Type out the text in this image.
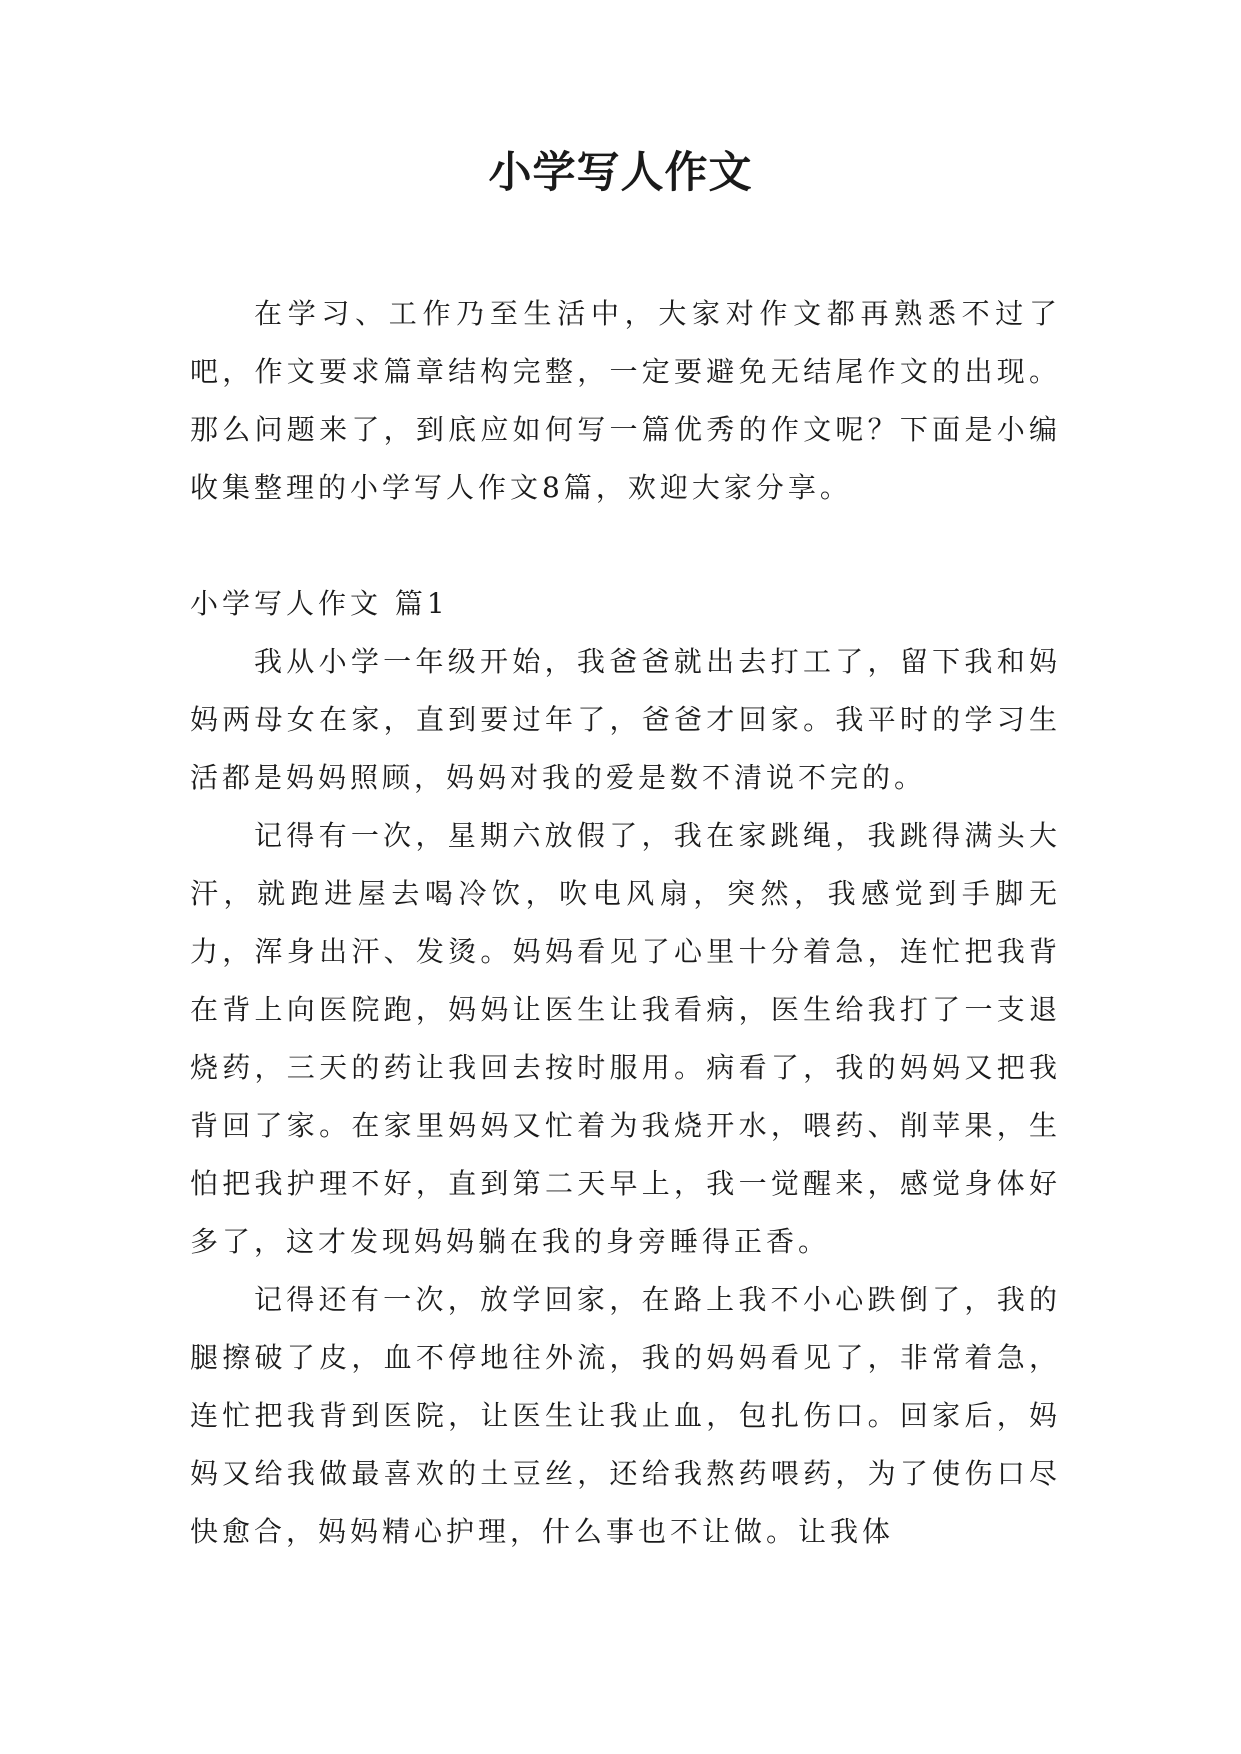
小学写人作文

在学习、工作乃至生活中，大家对作文都再熟悉不过了吧，作文要求篇章结构完整，一定要避免无结尾作文的出现。那么问题来了，到底应如何写一篇优秀的作文呢？下面是小编收集整理的小学写人作文8篇，欢迎大家分享。

小学写人作文 篇1

我从小学一年级开始，我爸爸就出去打工了，留下我和妈妈两母女在家，直到要过年了，爸爸才回家。我平时的学习生活都是妈妈照顾，妈妈对我的爱是数不清说不完的。

记得有一次，星期六放假了，我在家跳绳，我跳得满头大汗，就跑进屋去喝冷饮，吹电风扇，突然，我感觉到手脚无力，浑身出汗、发烫。妈妈看见了心里十分着急，连忙把我背在背上向医院跑，妈妈让医生让我看病，医生给我打了一支退烧药，三天的药让我回去按时服用。病看了，我的妈妈又把我背回了家。在家里妈妈又忙着为我烧开水，喂药、削苹果，生怕把我护理不好，直到第二天早上，我一觉醒来，感觉身体好多了，这才发现妈妈躺在我的身旁睡得正香。

记得还有一次，放学回家，在路上我不小心跌倒了，我的腿擦破了皮，血不停地往外流，我的妈妈看见了，非常着急，连忙把我背到医院，让医生让我止血，包扎伤口。回家后，妈妈又给我做最喜欢的土豆丝，还给我熬药喂药，为了使伤口尽快愈合，妈妈精心护理，什么事也不让做。让我体
